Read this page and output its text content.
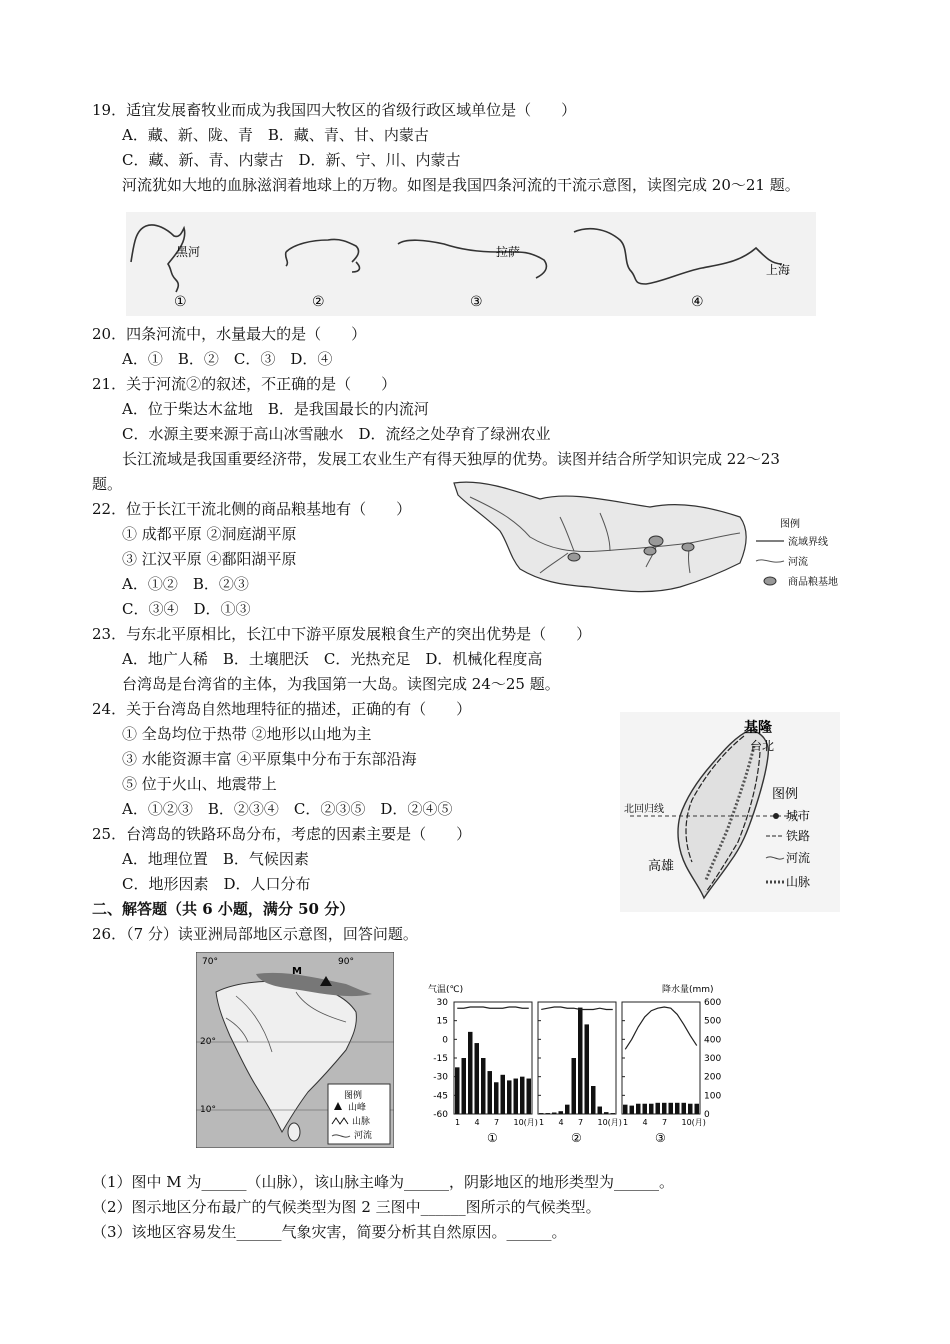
19．适宜发展畜牧业而成为我国四大牧区的省级行政区域单位是（　　）
A．藏、新、陇、青　B．藏、青、甘、内蒙古
C．藏、新、青、内蒙古　D．新、宁、川、内蒙古
河流犹如大地的血脉滋润着地球上的万物。如图是我国四条河流的干流示意图，读图完成 20～21 题。
黑河	拉萨
上海
①	②	③	④
20．四条河流中，水量最大的是（　　）
A．①　B．②　C．③　D．④
21．关于河流②的叙述，不正确的是（　　）
A．位于柴达木盆地　B．是我国最长的内流河
C．水源主要来源于高山冰雪融水　D．流经之处孕育了绿洲农业
长江流域是我国重要经济带，发展工农业生产有得天独厚的优势。读图并结合所学知识完成 22～23
题。
图例
流域界线
河流
商品粮基地
22．位于长江干流北侧的商品粮基地有（　　）
① 成都平原 ②洞庭湖平原
③ 江汉平原 ④鄱阳湖平原
A．①②　B．②③
C．③④　D．①③
23．与东北平原相比，长江中下游平原发展粮食生产的突出优势是（　　）
A．地广人稀　B．土壤肥沃　C．光热充足　D．机械化程度高
台湾岛是台湾省的主体，为我国第一大岛。读图完成 24～25 题。
24．关于台湾岛自然地理特征的描述，正确的有（　　）
① 全岛均位于热带 ②地形以山地为主
③ 水能资源丰富 ④平原集中分布于东部沿海
⑤ 位于火山、地震带上
A．①②③　B．②③④　C．②③⑤　D．②④⑤
25．台湾岛的铁路环岛分布，考虑的因素主要是（　　）
A．地理位置　B．气候因素
C．地形因素　D．人口分布
基隆
台北
高雄
北回归线
图例
城市
铁路
河流
山脉
二、解答题（共 6 小题，满分 50 分）
26．（7 分）读亚洲局部地区示意图，回答问题。
M
70°	90°
20°
10°
图例
山峰
山脉
河流
气温(℃)	降水量(mm)
30
15
0
-15
-30
-45
-60
600
500
400
300
200
100
0
1 4 7 10(月)
①
1 4 7 10(月)
②
1 4 7 10(月)
③
（1）图中 M 为______（山脉），该山脉主峰为______，阴影地区的地形类型为______。
（2）图示地区分布最广的气候类型为图 2 三图中______图所示的气候类型。
（3）该地区容易发生______气象灾害，简要分析其自然原因。______。
